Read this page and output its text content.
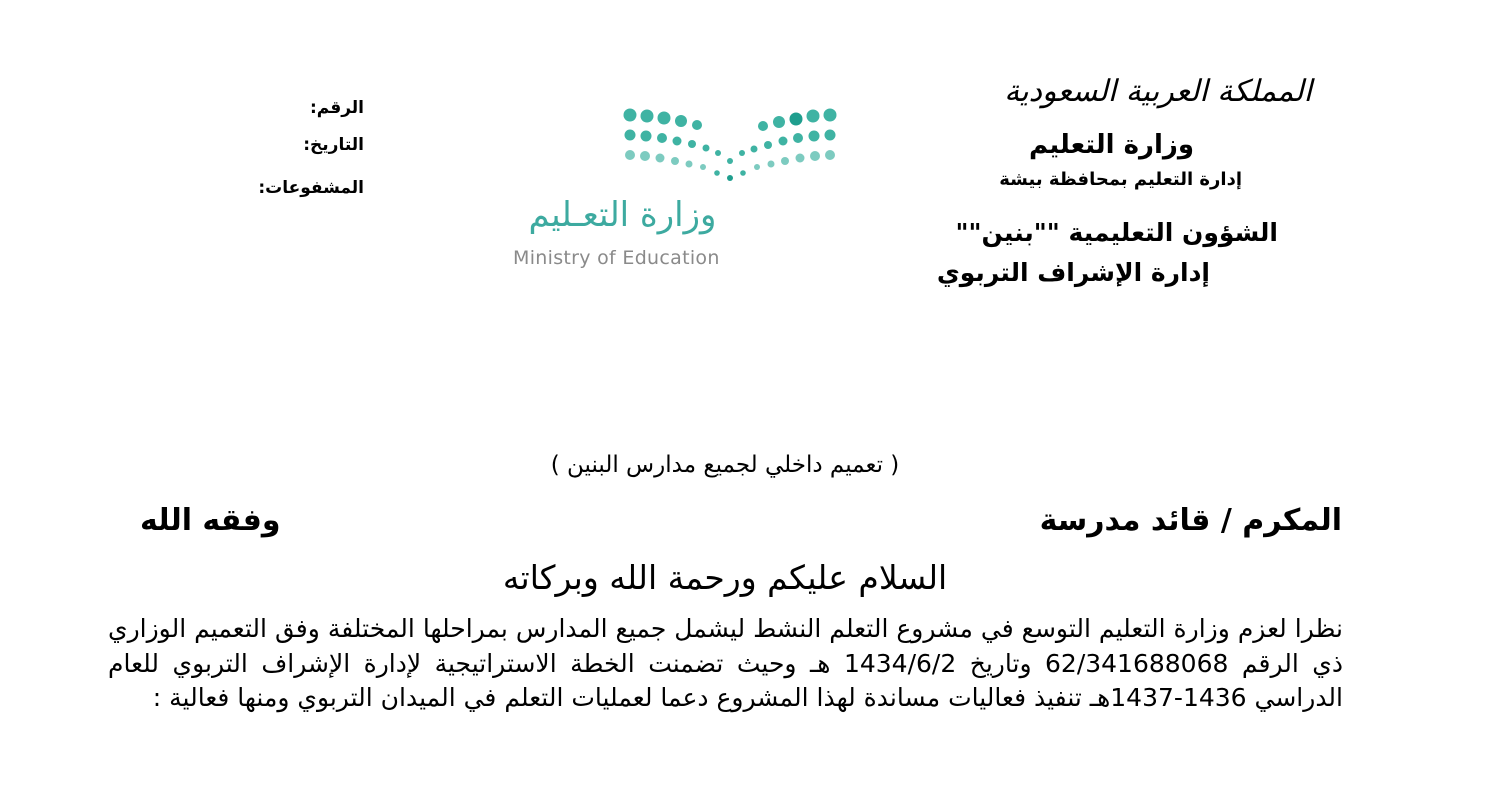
المملكة العربية السعودية
وزارة التعليم
إدارة التعليم بمحافظة بيشة
الشؤون التعليمية ""بنين""
إدارة الإشراف التربوي
الرقم:
التاريخ:
المشفوعات:
وزارة التعـليم
Ministry of Education
( تعميم داخلي لجميع مدارس البنين )
المكرم / قائد مدرسة
وفقه الله
السلام عليكم ورحمة الله وبركاته
نظرا لعزم وزارة التعليم التوسع في مشروع التعلم النشط ليشمل جميع المدارس بمراحلها المختلفة وفق التعميم الوزاري ذي الرقم 62/341688068 وتاريخ 1434/6/2 هـ وحيث تضمنت الخطة الاستراتيجية لإدارة الإشراف التربوي للعام الدراسي 1436-1437هـ تنفيذ فعاليات مساندة لهذا المشروع دعما لعمليات التعلم في الميدان التربوي ومنها فعالية :
